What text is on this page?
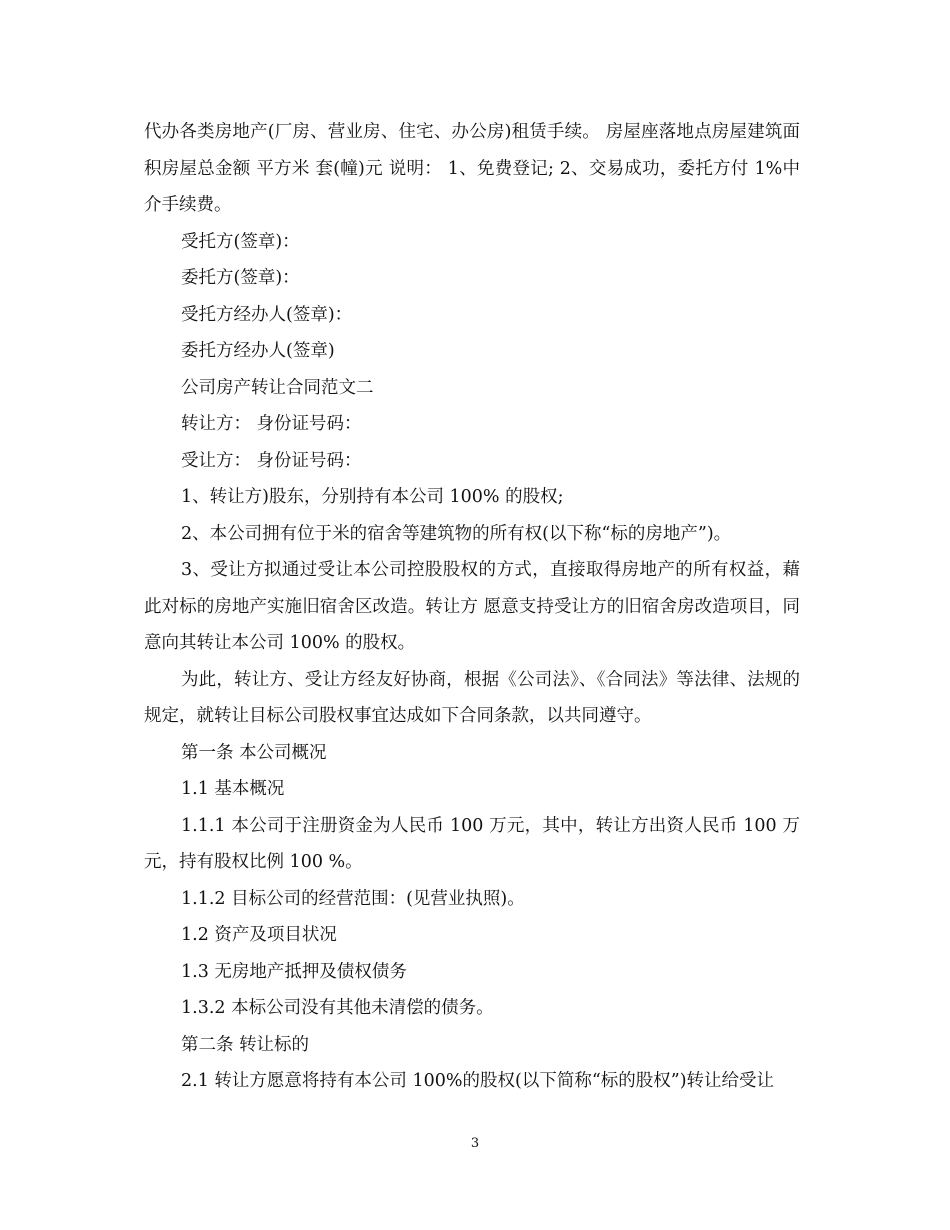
代办各类房地产(厂房、营业房、住宅、办公房)租赁手续。 房屋座落地点房屋建筑面积房屋总金额 平方米 套(幢)元 说明： 1、免费登记; 2、交易成功，委托方付 1%中介手续费。

受托方(签章)：

委托方(签章)：

受托方经办人(签章)：

委托方经办人(签章)

公司房产转让合同范文二

转让方： 身份证号码：

受让方： 身份证号码：

1、转让方)股东，分别持有本公司 100% 的股权;

2、本公司拥有位于米的宿舍等建筑物的所有权(以下称“标的房地产”)。

3、受让方拟通过受让本公司控股股权的方式，直接取得房地产的所有权益，藉此对标的房地产实施旧宿舍区改造。转让方 愿意支持受让方的旧宿舍房改造项目，同意向其转让本公司 100% 的股权。

为此，转让方、受让方经友好协商，根据《公司法》、《合同法》等法律、法规的规定，就转让目标公司股权事宜达成如下合同条款，以共同遵守。

第一条 本公司概况

1.1 基本概况

1.1.1 本公司于注册资金为人民币 100 万元，其中，转让方出资人民币 100 万元，持有股权比例 100 %。

1.1.2 目标公司的经营范围：(见营业执照)。

1.2 资产及项目状况

1.3 无房地产抵押及债权债务

1.3.2 本标公司没有其他未清偿的债务。

第二条 转让标的

2.1 转让方愿意将持有本公司 100%的股权(以下简称“标的股权”)转让给受让

3
